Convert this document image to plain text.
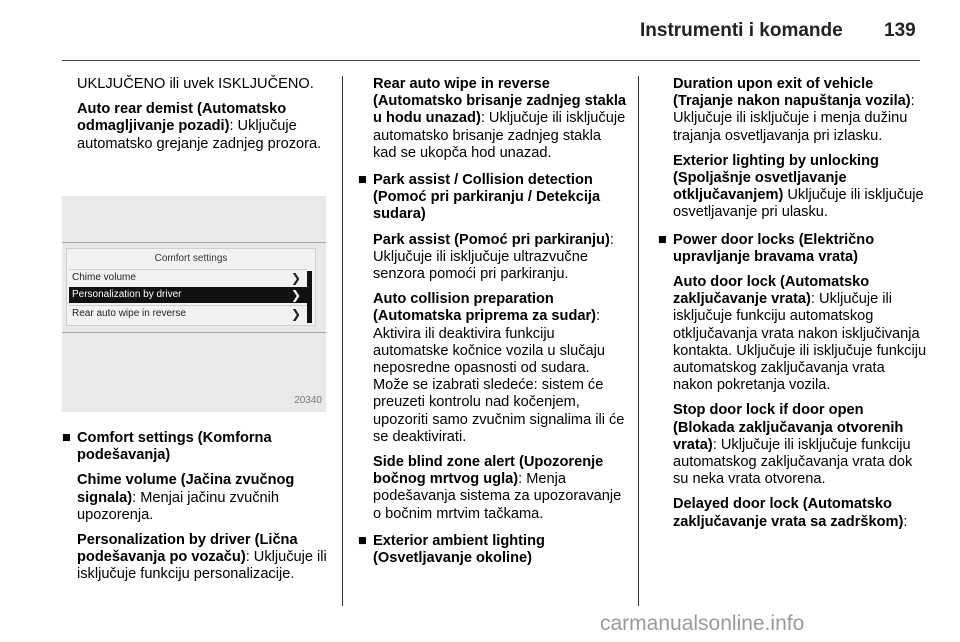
Instrumenti i komande	139

UKLJUČENO ili uvek ISKLJUČENO.

Auto rear demist (Automatsko odmagljivanje pozadi): Uključuje automatsko grejanje zadnjeg prozora.

Comfort settings
Chime volume	❯
Personalization by driver	❯
Rear auto wipe in reverse	❯
20340

■ Comfort settings (Komforna podešavanja)

Chime volume (Jačina zvučnog signala): Menjai jačinu zvučnih upozorenja.

Personalization by driver (Lična podešavanja po vozaču): Uključuje ili isključuje funkciju personalizacije.

Rear auto wipe in reverse (Automatsko brisanje zadnjeg stakla u hodu unazad): Uključuje ili isključuje automatsko brisanje zadnjeg stakla kad se ukopča hod unazad.

■ Park assist / Collision detection (Pomoć pri parkiranju / Detekcija sudara)

Park assist (Pomoć pri parkiranju): Uključuje ili isključuje ultrazvučne senzora pomoći pri parkiranju.

Auto collision preparation (Automatska priprema za sudar): Aktivira ili deaktivira funkciju automatske kočnice vozila u slučaju neposredne opasnosti od sudara. Može se izabrati sledeće: sistem će preuzeti kontrolu nad kočenjem, upozoriti samo zvučnim signalima ili će se deaktivirati.

Side blind zone alert (Upozorenje bočnog mrtvog ugla): Menja podešavanja sistema za upozoravanje o bočnim mrtvim tačkama.

■ Exterior ambient lighting (Osvetljavanje okoline)

Duration upon exit of vehicle (Trajanje nakon napuštanja vozila): Uključuje ili isključuje i menja dužinu trajanja osvetljavanja pri izlasku.

Exterior lighting by unlocking (Spoljašnje osvetljavanje otključavanjem) Uključuje ili isključuje osvetljavanje pri ulasku.

■ Power door locks (Električno upravljanje bravama vrata)

Auto door lock (Automatsko zaključavanje vrata): Uključuje ili isključuje funkciju automatskog otključavanja vrata nakon isključivanja kontakta. Uključuje ili isključuje funkciju automatskog zaključavanja vrata nakon pokretanja vozila.

Stop door lock if door open (Blokada zaključavanja otvorenih vrata): Uključuje ili isključuje funkciju automatskog zaključavanja vrata dok su neka vrata otvorena.

Delayed door lock (Automatsko zaključavanje vrata sa zadrškom):

carmanualsonline.info
